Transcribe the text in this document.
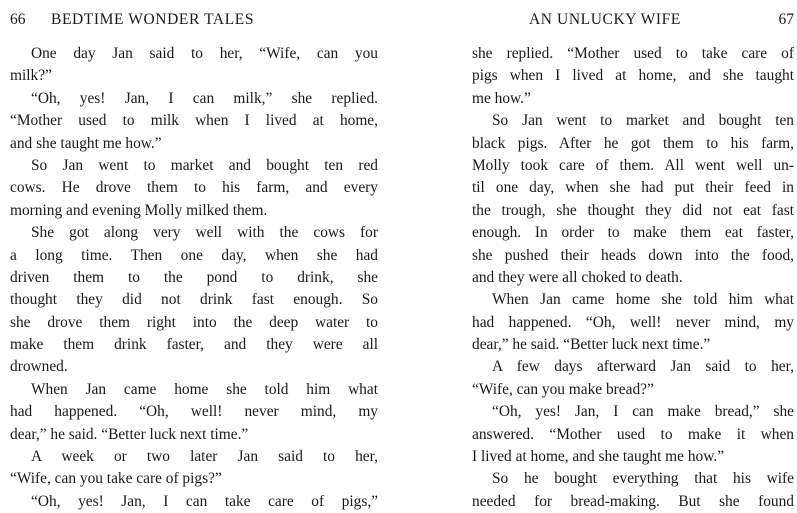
66 BEDTIME WONDER TALES
One day Jan said to her, “Wife, can you
milk?”
“Oh, yes! Jan, I can milk,” she replied.
“Mother used to milk when I lived at home,
and she taught me how.”
So Jan went to market and bought ten red
cows. He drove them to his farm, and every
morning and evening Molly milked them.
She got along very well with the cows for
a long time. Then one day, when she had
driven them to the pond to drink, she
thought they did not drink fast enough. So
she drove them right into the deep water to
make them drink faster, and they were all
drowned.
When Jan came home she told him what
had happened. “Oh, well! never mind, my
dear,” he said. “Better luck next time.”
A week or two later Jan said to her,
“Wife, can you take care of pigs?”
“Oh, yes! Jan, I can take care of pigs,”
AN UNLUCKY WIFE	67
she replied. “Mother used to take care of
pigs when I lived at home, and she taught
me how.”
So Jan went to market and bought ten
black pigs. After he got them to his farm,
Molly took care of them. All went well un-
til one day, when she had put their feed in
the trough, she thought they did not eat fast
enough. In order to make them eat faster,
she pushed their heads down into the food,
and they were all choked to death.
When Jan came home she told him what
had happened. “Oh, well! never mind, my
dear,” he said. “Better luck next time.”
A few days afterward Jan said to her,
“Wife, can you make bread?”
“Oh, yes! Jan, I can make bread,” she
answered. “Mother used to make it when
I lived at home, and she taught me how.”
So he bought everything that his wife
needed for bread-making. But she found
